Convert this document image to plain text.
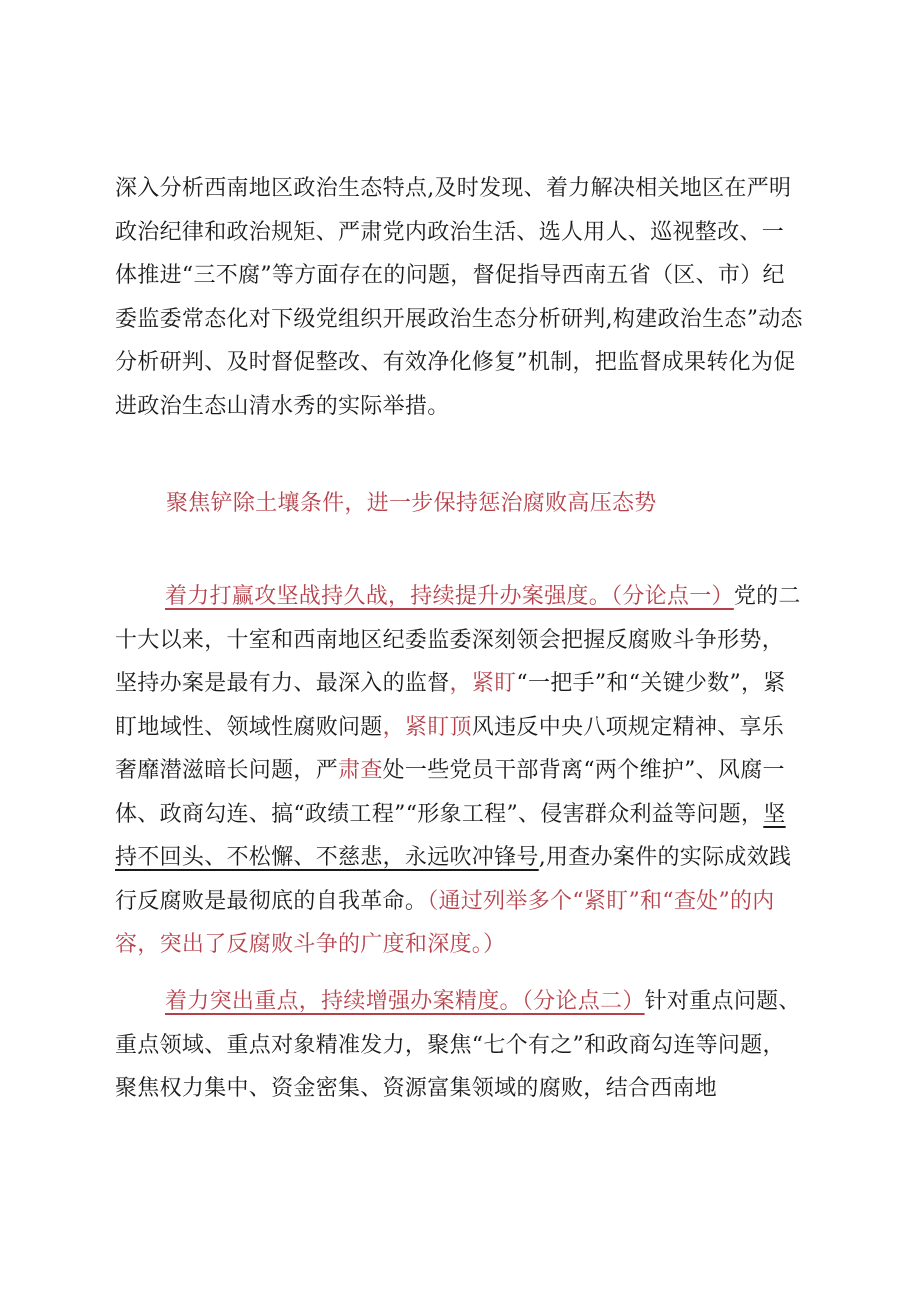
深入分析西南地区政治生态特点,及时发现、着力解决相关地区在严明政治纪律和政治规矩、严肃党内政治生活、选人用人、巡视整改、一体推进“三不腐”等方面存在的问题，督促指导西南五省（区、市）纪委监委常态化对下级党组织开展政治生态分析研判,构建政治生态”动态分析研判、及时督促整改、有效净化修复”机制，把监督成果转化为促进政治生态山清水秀的实际举措。

聚焦铲除土壤条件，进一步保持惩治腐败高压态势

着力打赢攻坚战持久战，持续提升办案强度。（分论点一）党的二十大以来，十室和西南地区纪委监委深刻领会把握反腐败斗争形势，坚持办案是最有力、最深入的监督，紧盯“一把手”和“关键少数”，紧盯地域性、领域性腐败问题，紧盯顶风违反中央八项规定精神、享乐奢靡潜滋暗长问题，严肃查处一些党员干部背离“两个维护”、风腐一体、政商勾连、搞“政绩工程”“形象工程”、侵害群众利益等问题，坚持不回头、不松懈、不慈悲，永远吹冲锋号,用查办案件的实际成效践行反腐败是最彻底的自我革命。（通过列举多个“紧盯”和“查处”的内容，突出了反腐败斗争的广度和深度。）

着力突出重点，持续增强办案精度。（分论点二）针对重点问题、重点领域、重点对象精准发力，聚焦“七个有之”和政商勾连等问题，聚焦权力集中、资金密集、资源富集领域的腐败，结合西南地
